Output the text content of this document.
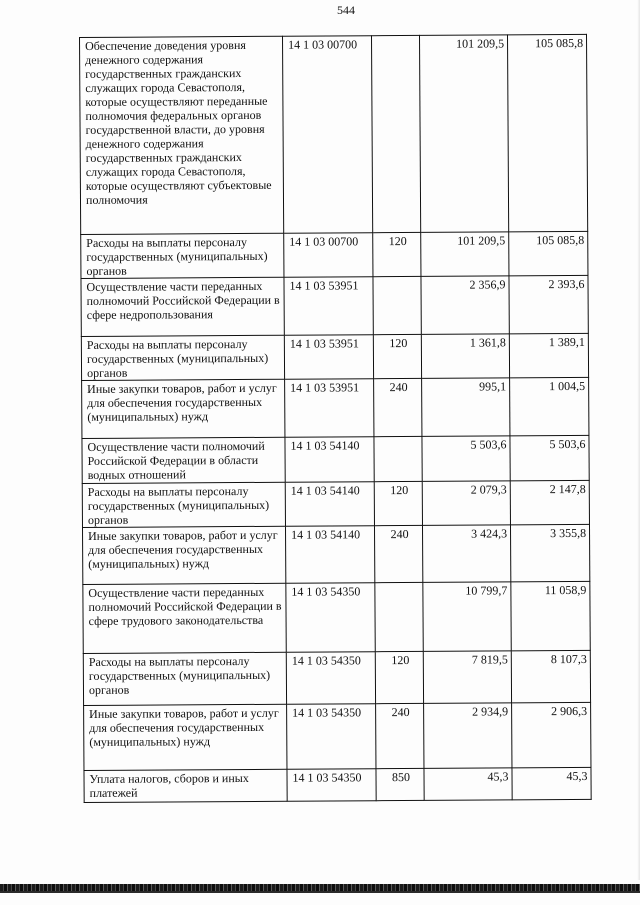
544
Обеспечение доведения уровня денежного содержания государственных гражданских служащих города Севастополя, которые осуществляют переданные полномочия федеральных органов государственной власти, до уровня денежного содержания государственных гражданских служащих города Севастополя, которые осуществляют субъектовые полномочия	14 1 03 00700		101 209,5	105 085,8
Расходы на выплаты персоналу государственных (муниципальных) органов	14 1 03 00700	120	101 209,5	105 085,8
Осуществление части переданных полномочий Российской Федерации в сфере недропользования	14 1 03 53951		2 356,9	2 393,6
Расходы на выплаты персоналу государственных (муниципальных) органов	14 1 03 53951	120	1 361,8	1 389,1
Иные закупки товаров, работ и услуг для обеспечения государственных (муниципальных) нужд	14 1 03 53951	240	995,1	1 004,5
Осуществление части полномочий Российской Федерации в области водных отношений	14 1 03 54140		5 503,6	5 503,6
Расходы на выплаты персоналу государственных (муниципальных) органов	14 1 03 54140	120	2 079,3	2 147,8
Иные закупки товаров, работ и услуг для обеспечения государственных (муниципальных) нужд	14 1 03 54140	240	3 424,3	3 355,8
Осуществление части переданных полномочий Российской Федерации в сфере трудового законодательства	14 1 03 54350		10 799,7	11 058,9
Расходы на выплаты персоналу государственных (муниципальных) органов	14 1 03 54350	120	7 819,5	8 107,3
Иные закупки товаров, работ и услуг для обеспечения государственных (муниципальных) нужд	14 1 03 54350	240	2 934,9	2 906,3
Уплата налогов, сборов и иных платежей	14 1 03 54350	850	45,3	45,3
